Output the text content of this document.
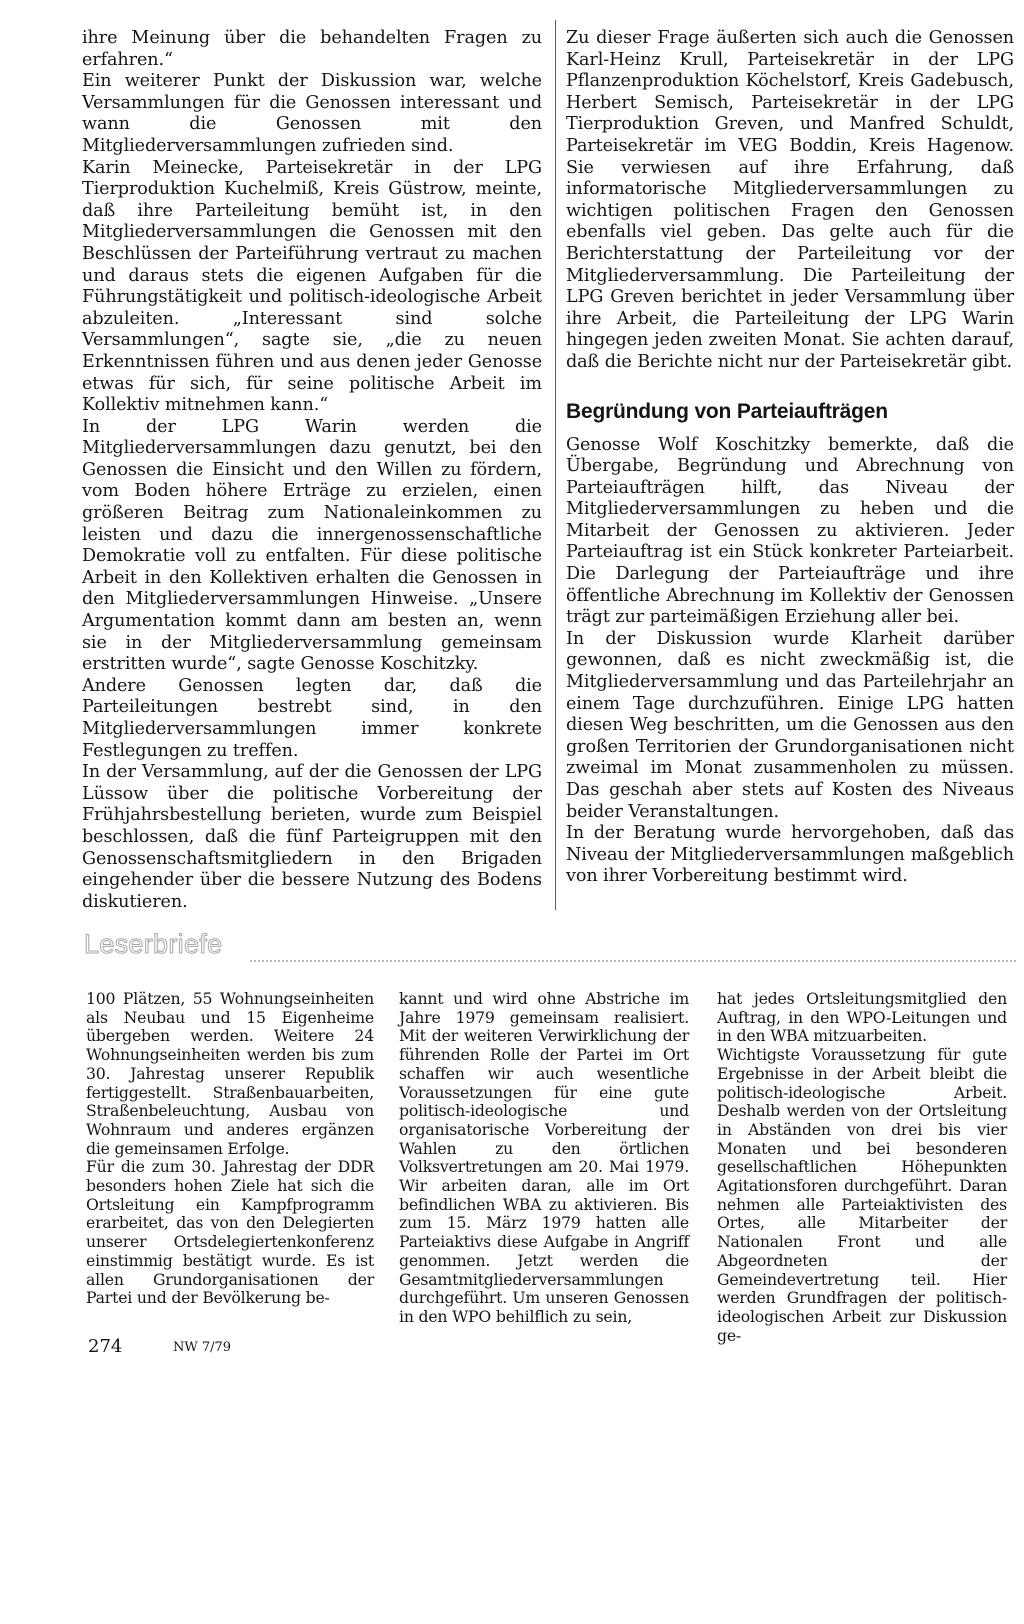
ihre Meinung über die behandelten Fragen zu erfahren.“

Ein weiterer Punkt der Diskussion war, welche Versammlungen für die Genossen interessant und wann die Genossen mit den Mitgliederversammlungen zufrieden sind.

Karin Meinecke, Parteisekretär in der LPG Tierproduktion Kuchelmiß, Kreis Güstrow, meinte, daß ihre Parteileitung bemüht ist, in den Mitgliederversammlungen die Genossen mit den Beschlüssen der Parteiführung vertraut zu machen und daraus stets die eigenen Aufgaben für die Führungstätigkeit und politisch-ideologische Arbeit abzuleiten. „Interessant sind solche Versammlungen“, sagte sie, „die zu neuen Erkenntnissen führen und aus denen jeder Genosse etwas für sich, für seine politische Arbeit im Kollektiv mitnehmen kann.“

In der LPG Warin werden die Mitgliederversammlungen dazu genutzt, bei den Genossen die Einsicht und den Willen zu fördern, vom Boden höhere Erträge zu erzielen, einen größeren Beitrag zum Nationaleinkommen zu leisten und dazu die innergenossenschaftliche Demokratie voll zu entfalten. Für diese politische Arbeit in den Kollektiven erhalten die Genossen in den Mitgliederversammlungen Hinweise. „Unsere Argumentation kommt dann am besten an, wenn sie in der Mitgliederversammlung gemeinsam erstritten wurde“, sagte Genosse Koschitzky.

Andere Genossen legten dar, daß die Parteileitungen bestrebt sind, in den Mitgliederversammlungen immer konkrete Festlegungen zu treffen.

In der Versammlung, auf der die Genossen der LPG Lüssow über die politische Vorbereitung der Frühjahrsbestellung berieten, wurde zum Beispiel beschlossen, daß die fünf Parteigruppen mit den Genossenschaftsmitgliedern in den Brigaden eingehender über die bessere Nutzung des Bodens diskutieren.

Zu dieser Frage äußerten sich auch die Genossen Karl-Heinz Krull, Parteisekretär in der LPG Pflanzenproduktion Köchelstorf, Kreis Gadebusch, Herbert Semisch, Parteisekretär in der LPG Tierproduktion Greven, und Manfred Schuldt, Parteisekretär im VEG Boddin, Kreis Hagenow. Sie verwiesen auf ihre Erfahrung, daß informatorische Mitgliederversammlungen zu wichtigen politischen Fragen den Genossen ebenfalls viel geben. Das gelte auch für die Berichterstattung der Parteileitung vor der Mitgliederversammlung. Die Parteileitung der LPG Greven berichtet in jeder Versammlung über ihre Arbeit, die Parteileitung der LPG Warin hingegen jeden zweiten Monat. Sie achten darauf, daß die Berichte nicht nur der Parteisekretär gibt.

Begründung von Parteiaufträgen

Genosse Wolf Koschitzky bemerkte, daß die Übergabe, Begründung und Abrechnung von Parteiaufträgen hilft, das Niveau der Mitgliederversammlungen zu heben und die Mitarbeit der Genossen zu aktivieren. Jeder Parteiauftrag ist ein Stück konkreter Parteiarbeit. Die Darlegung der Parteiaufträge und ihre öffentliche Abrechnung im Kollektiv der Genossen trägt zur parteimäßigen Erziehung aller bei.

In der Diskussion wurde Klarheit darüber gewonnen, daß es nicht zweckmäßig ist, die Mitgliederversammlung und das Parteilehrjahr an einem Tage durchzuführen. Einige LPG hatten diesen Weg beschritten, um die Genossen aus den großen Territorien der Grundorganisationen nicht zweimal im Monat zusammenholen zu müssen. Das geschah aber stets auf Kosten des Niveaus beider Veranstaltungen.

In der Beratung wurde hervorgehoben, daß das Niveau der Mitgliederversammlungen maßgeblich von ihrer Vorbereitung bestimmt wird.

Leserbriefe

100 Plätzen, 55 Wohnungseinheiten als Neubau und 15 Eigenheime übergeben werden. Weitere 24 Wohnungseinheiten werden bis zum 30. Jahrestag unserer Republik fertiggestellt. Straßenbauarbeiten, Straßenbeleuchtung, Ausbau von Wohnraum und anderes ergänzen die gemeinsamen Erfolge.

Für die zum 30. Jahrestag der DDR besonders hohen Ziele hat sich die Ortsleitung ein Kampfprogramm erarbeitet, das von den Delegierten unserer Ortsdelegiertenkonferenz einstimmig bestätigt wurde. Es ist allen Grundorganisationen der Partei und der Bevölkerung be-

kannt und wird ohne Abstriche im Jahre 1979 gemeinsam realisiert. Mit der weiteren Verwirklichung der führenden Rolle der Partei im Ort schaffen wir auch wesentliche Voraussetzungen für eine gute politisch-ideologische und organisatorische Vorbereitung der Wahlen zu den örtlichen Volksvertretungen am 20. Mai 1979. Wir arbeiten daran, alle im Ort befindlichen WBA zu aktivieren. Bis zum 15. März 1979 hatten alle Parteiaktivs diese Aufgabe in Angriff genommen. Jetzt werden die Gesamtmitgliederversammlungen durchgeführt. Um unseren Genossen in den WPO behilflich zu sein,

hat jedes Ortsleitungsmitglied den Auftrag, in den WPO-Leitungen und in den WBA mitzuarbeiten.

Wichtigste Voraussetzung für gute Ergebnisse in der Arbeit bleibt die politisch-ideologische Arbeit. Deshalb werden von der Ortsleitung in Abständen von drei bis vier Monaten und bei besonderen gesellschaftlichen Höhepunkten Agitationsforen durchgeführt. Daran nehmen alle Parteiaktivisten des Ortes, alle Mitarbeiter der Nationalen Front und alle Abgeordneten der Gemeindevertretung teil. Hier werden Grundfragen der politisch-ideologischen Arbeit zur Diskussion ge-

274	NW 7/79
